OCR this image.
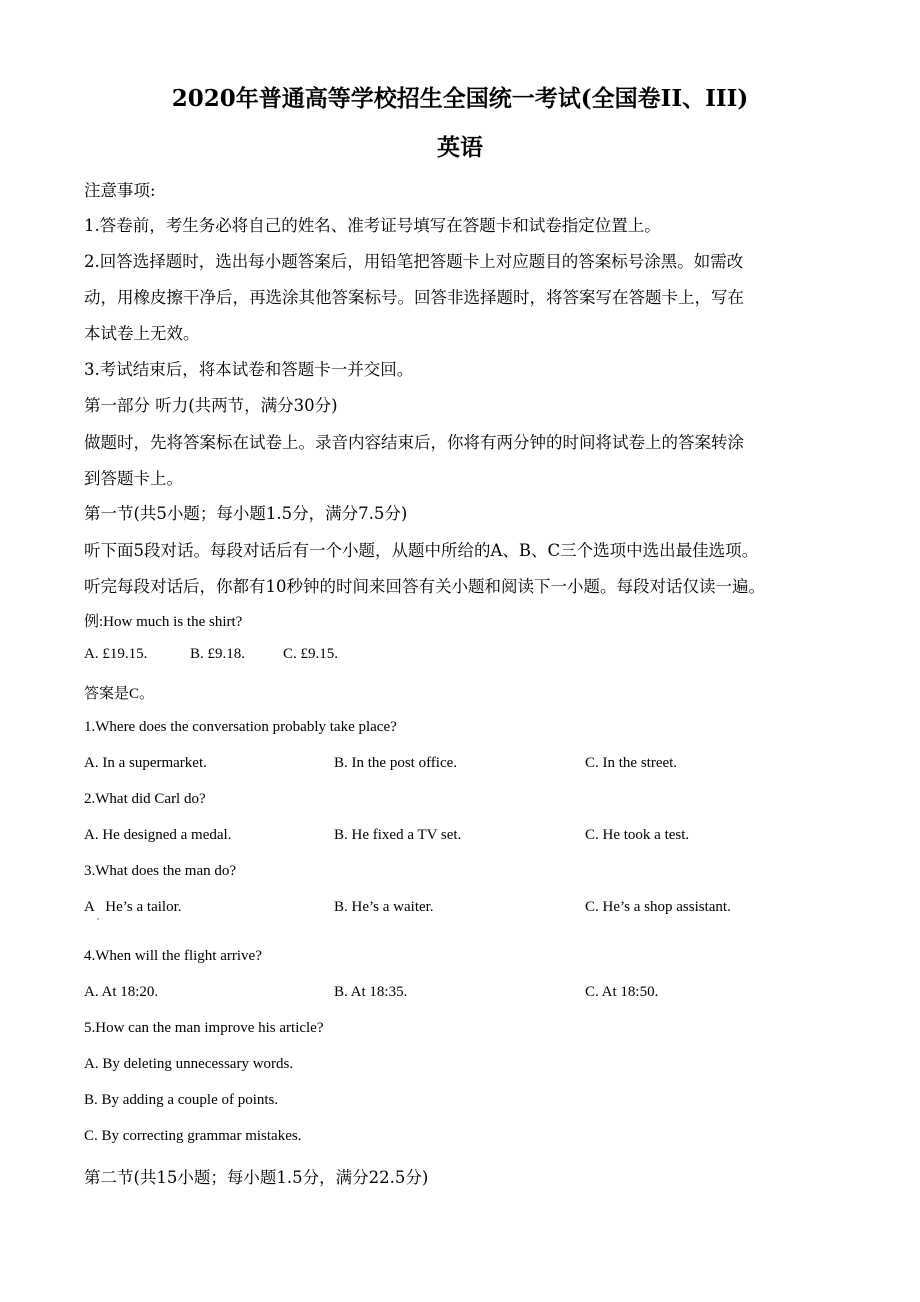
2020年普通高等学校招生全国统一考试(全国卷II、III)
英语
注意事项:
1.答卷前，考生务必将自己的姓名、准考证号填写在答题卡和试卷指定位置上。
2.回答选择题时，选出每小题答案后，用铅笔把答题卡上对应题目的答案标号涂黑。如需改
动，用橡皮擦干净后，再选涂其他答案标号。回答非选择题时，将答案写在答题卡上，写在
本试卷上无效。
3.考试结束后，将本试卷和答题卡一并交回。
第一部分 听力(共两节，满分30分)
做题时，先将答案标在试卷上。录音内容结束后，你将有两分钟的时间将试卷上的答案转涂
到答题卡上。
第一节(共5小题；每小题1.5分，满分7.5分)
听下面5段对话。每段对话后有一个小题，从题中所给的A、B、C三个选项中选出最佳选项。
听完每段对话后，你都有10秒钟的时间来回答有关小题和阅读下一小题。每段对话仅读一遍。
例:How much is the shirt?
A. £19.15.	B. £9.18.	C. £9.15.
答案是C。
1.Where does the conversation probably take place?
A. In a supermarket.	B. In the post office.	C. In the street.
2.What did Carl do?
A. He designed a medal.	B. He fixed a TV set.	C. He took a test.
3.What does the man do?
A   He’s a tailor.
˙
B. He’s a waiter.	C. He’s a shop assistant.
4.When will the flight arrive?
A. At 18:20.	B. At 18:35.	C. At 18:50.
5.How can the man improve his article?
A. By deleting unnecessary words.
B. By adding a couple of points.
C. By correcting grammar mistakes.
第二节(共15小题；每小题1.5分，满分22.5分)
